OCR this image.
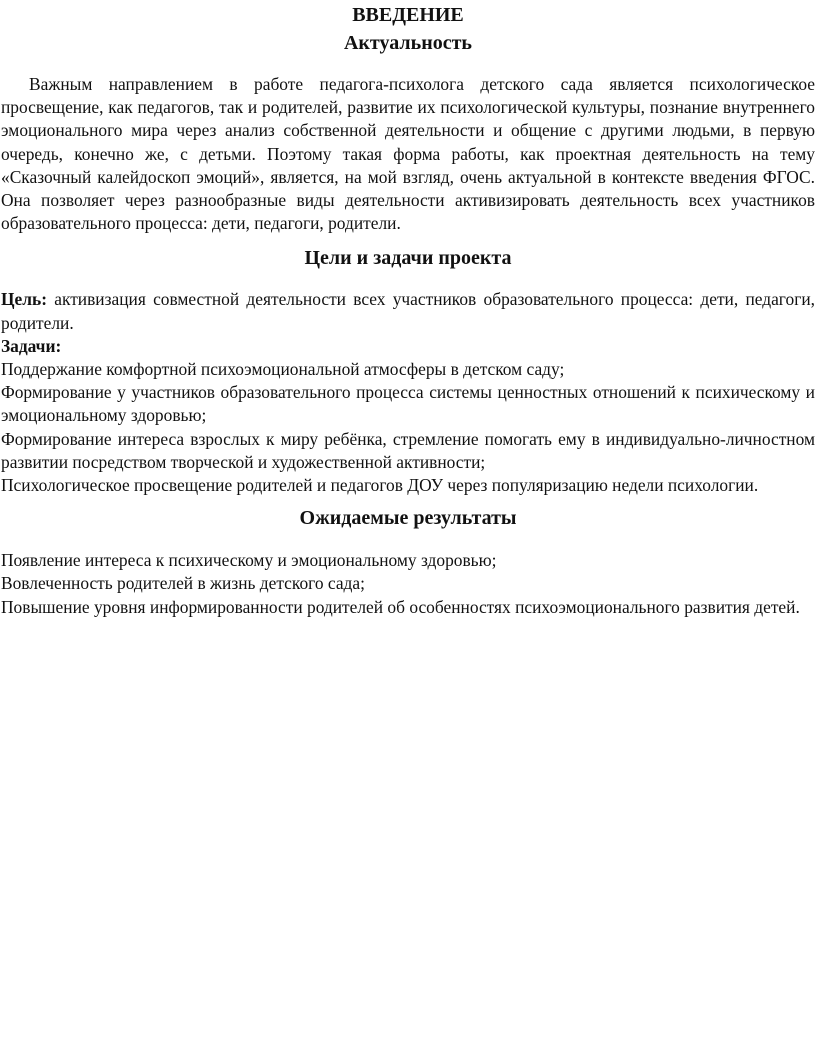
ВВЕДЕНИЕ
Актуальность

Важным направлением в работе педагога-психолога детского сада является психологическое просвещение, как педагогов, так и родителей, развитие их психологической культуры, познание внутреннего эмоционального мира через анализ собственной деятельности и общение с другими людьми, в первую очередь, конечно же, с детьми. Поэтому такая форма работы, как проектная деятельность на тему «Сказочный калейдоскоп эмоций», является, на мой взгляд, очень актуальной в контексте введения ФГОС. Она позволяет через разнообразные виды деятельности активизировать деятельность всех участников образовательного процесса: дети, педагоги, родители.

Цели и задачи проекта

Цель: активизация совместной деятельности всех участников образовательного процесса: дети, педагоги, родители.

Задачи:

Поддержание комфортной психоэмоциональной атмосферы в детском саду;

Формирование у участников образовательного процесса системы ценностных отношений к психическому и эмоциональному здоровью;

Формирование интереса взрослых к миру ребёнка, стремление помогать ему в индивидуально-личностном развитии посредством творческой и художественной активности;

Психологическое просвещение родителей и педагогов ДОУ через популяризацию недели психологии.

Ожидаемые результаты

Появление интереса к психическому и эмоциональному здоровью;

Вовлеченность родителей в жизнь детского сада;

Повышение уровня информированности родителей об особенностях психоэмоционального развития детей.
